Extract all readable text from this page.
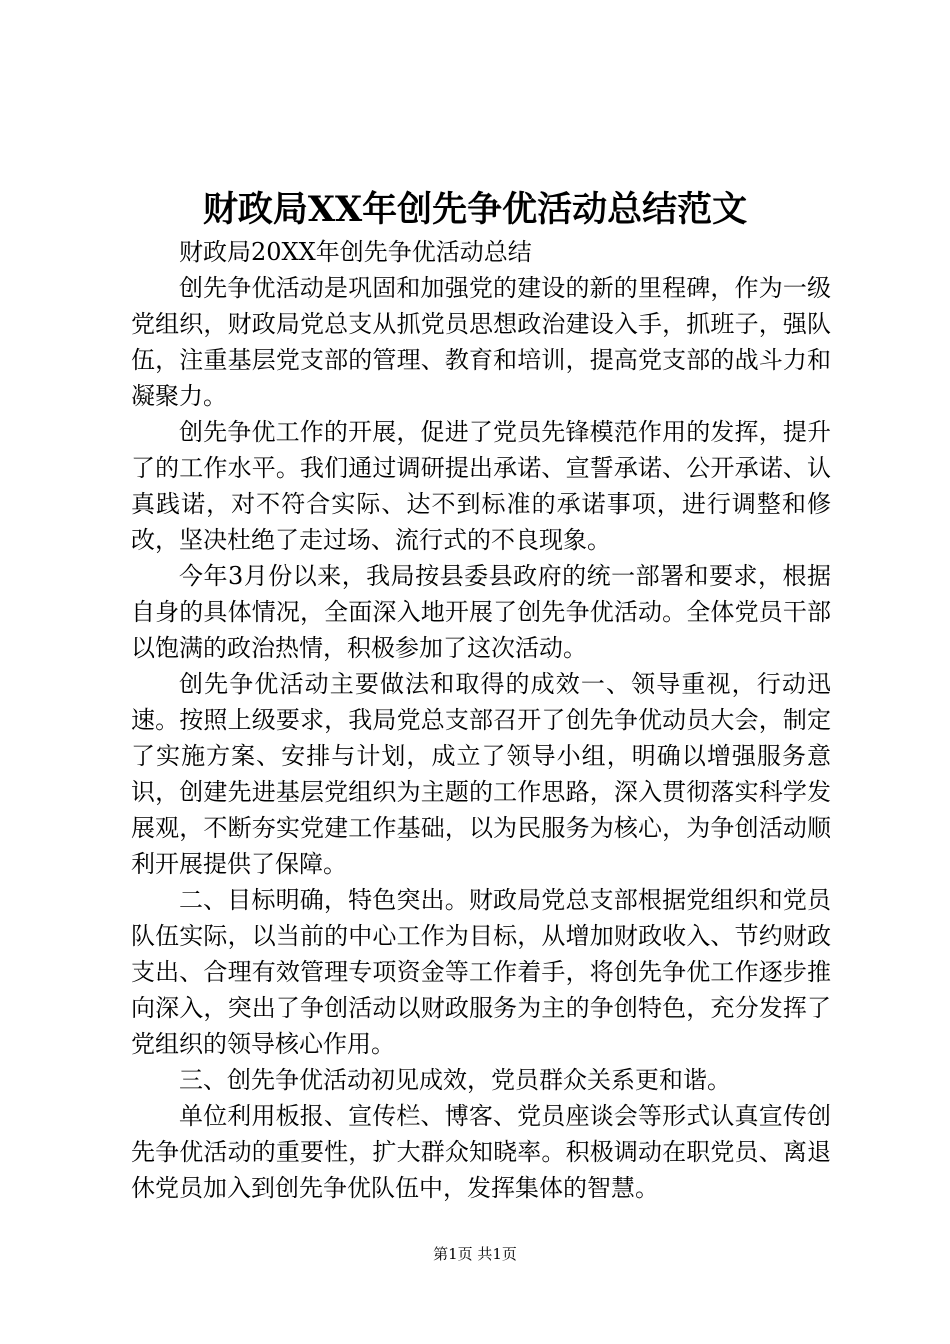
财政局XX年创先争优活动总结范文

财政局20XX年创先争优活动总结

创先争优活动是巩固和加强党的建设的新的里程碑，作为一级党组织，财政局党总支从抓党员思想政治建设入手，抓班子，强队伍，注重基层党支部的管理、教育和培训，提高党支部的战斗力和凝聚力。

创先争优工作的开展，促进了党员先锋模范作用的发挥，提升了的工作水平。我们通过调研提出承诺、宣誓承诺、公开承诺、认真践诺，对不符合实际、达不到标准的承诺事项，进行调整和修改，坚决杜绝了走过场、流行式的不良现象。

今年3月份以来，我局按县委县政府的统一部署和要求，根据自身的具体情况，全面深入地开展了创先争优活动。全体党员干部以饱满的政治热情，积极参加了这次活动。

创先争优活动主要做法和取得的成效一、领导重视，行动迅速。按照上级要求，我局党总支部召开了创先争优动员大会，制定了实施方案、安排与计划，成立了领导小组，明确以增强服务意识，创建先进基层党组织为主题的工作思路，深入贯彻落实科学发展观，不断夯实党建工作基础，以为民服务为核心，为争创活动顺利开展提供了保障。

二、目标明确，特色突出。财政局党总支部根据党组织和党员队伍实际，以当前的中心工作为目标，从增加财政收入、节约财政支出、合理有效管理专项资金等工作着手，将创先争优工作逐步推向深入，突出了争创活动以财政服务为主的争创特色，充分发挥了党组织的领导核心作用。

三、创先争优活动初见成效，党员群众关系更和谐。

单位利用板报、宣传栏、博客、党员座谈会等形式认真宣传创先争优活动的重要性，扩大群众知晓率。积极调动在职党员、离退休党员加入到创先争优队伍中，发挥集体的智慧。

第1页 共1页
